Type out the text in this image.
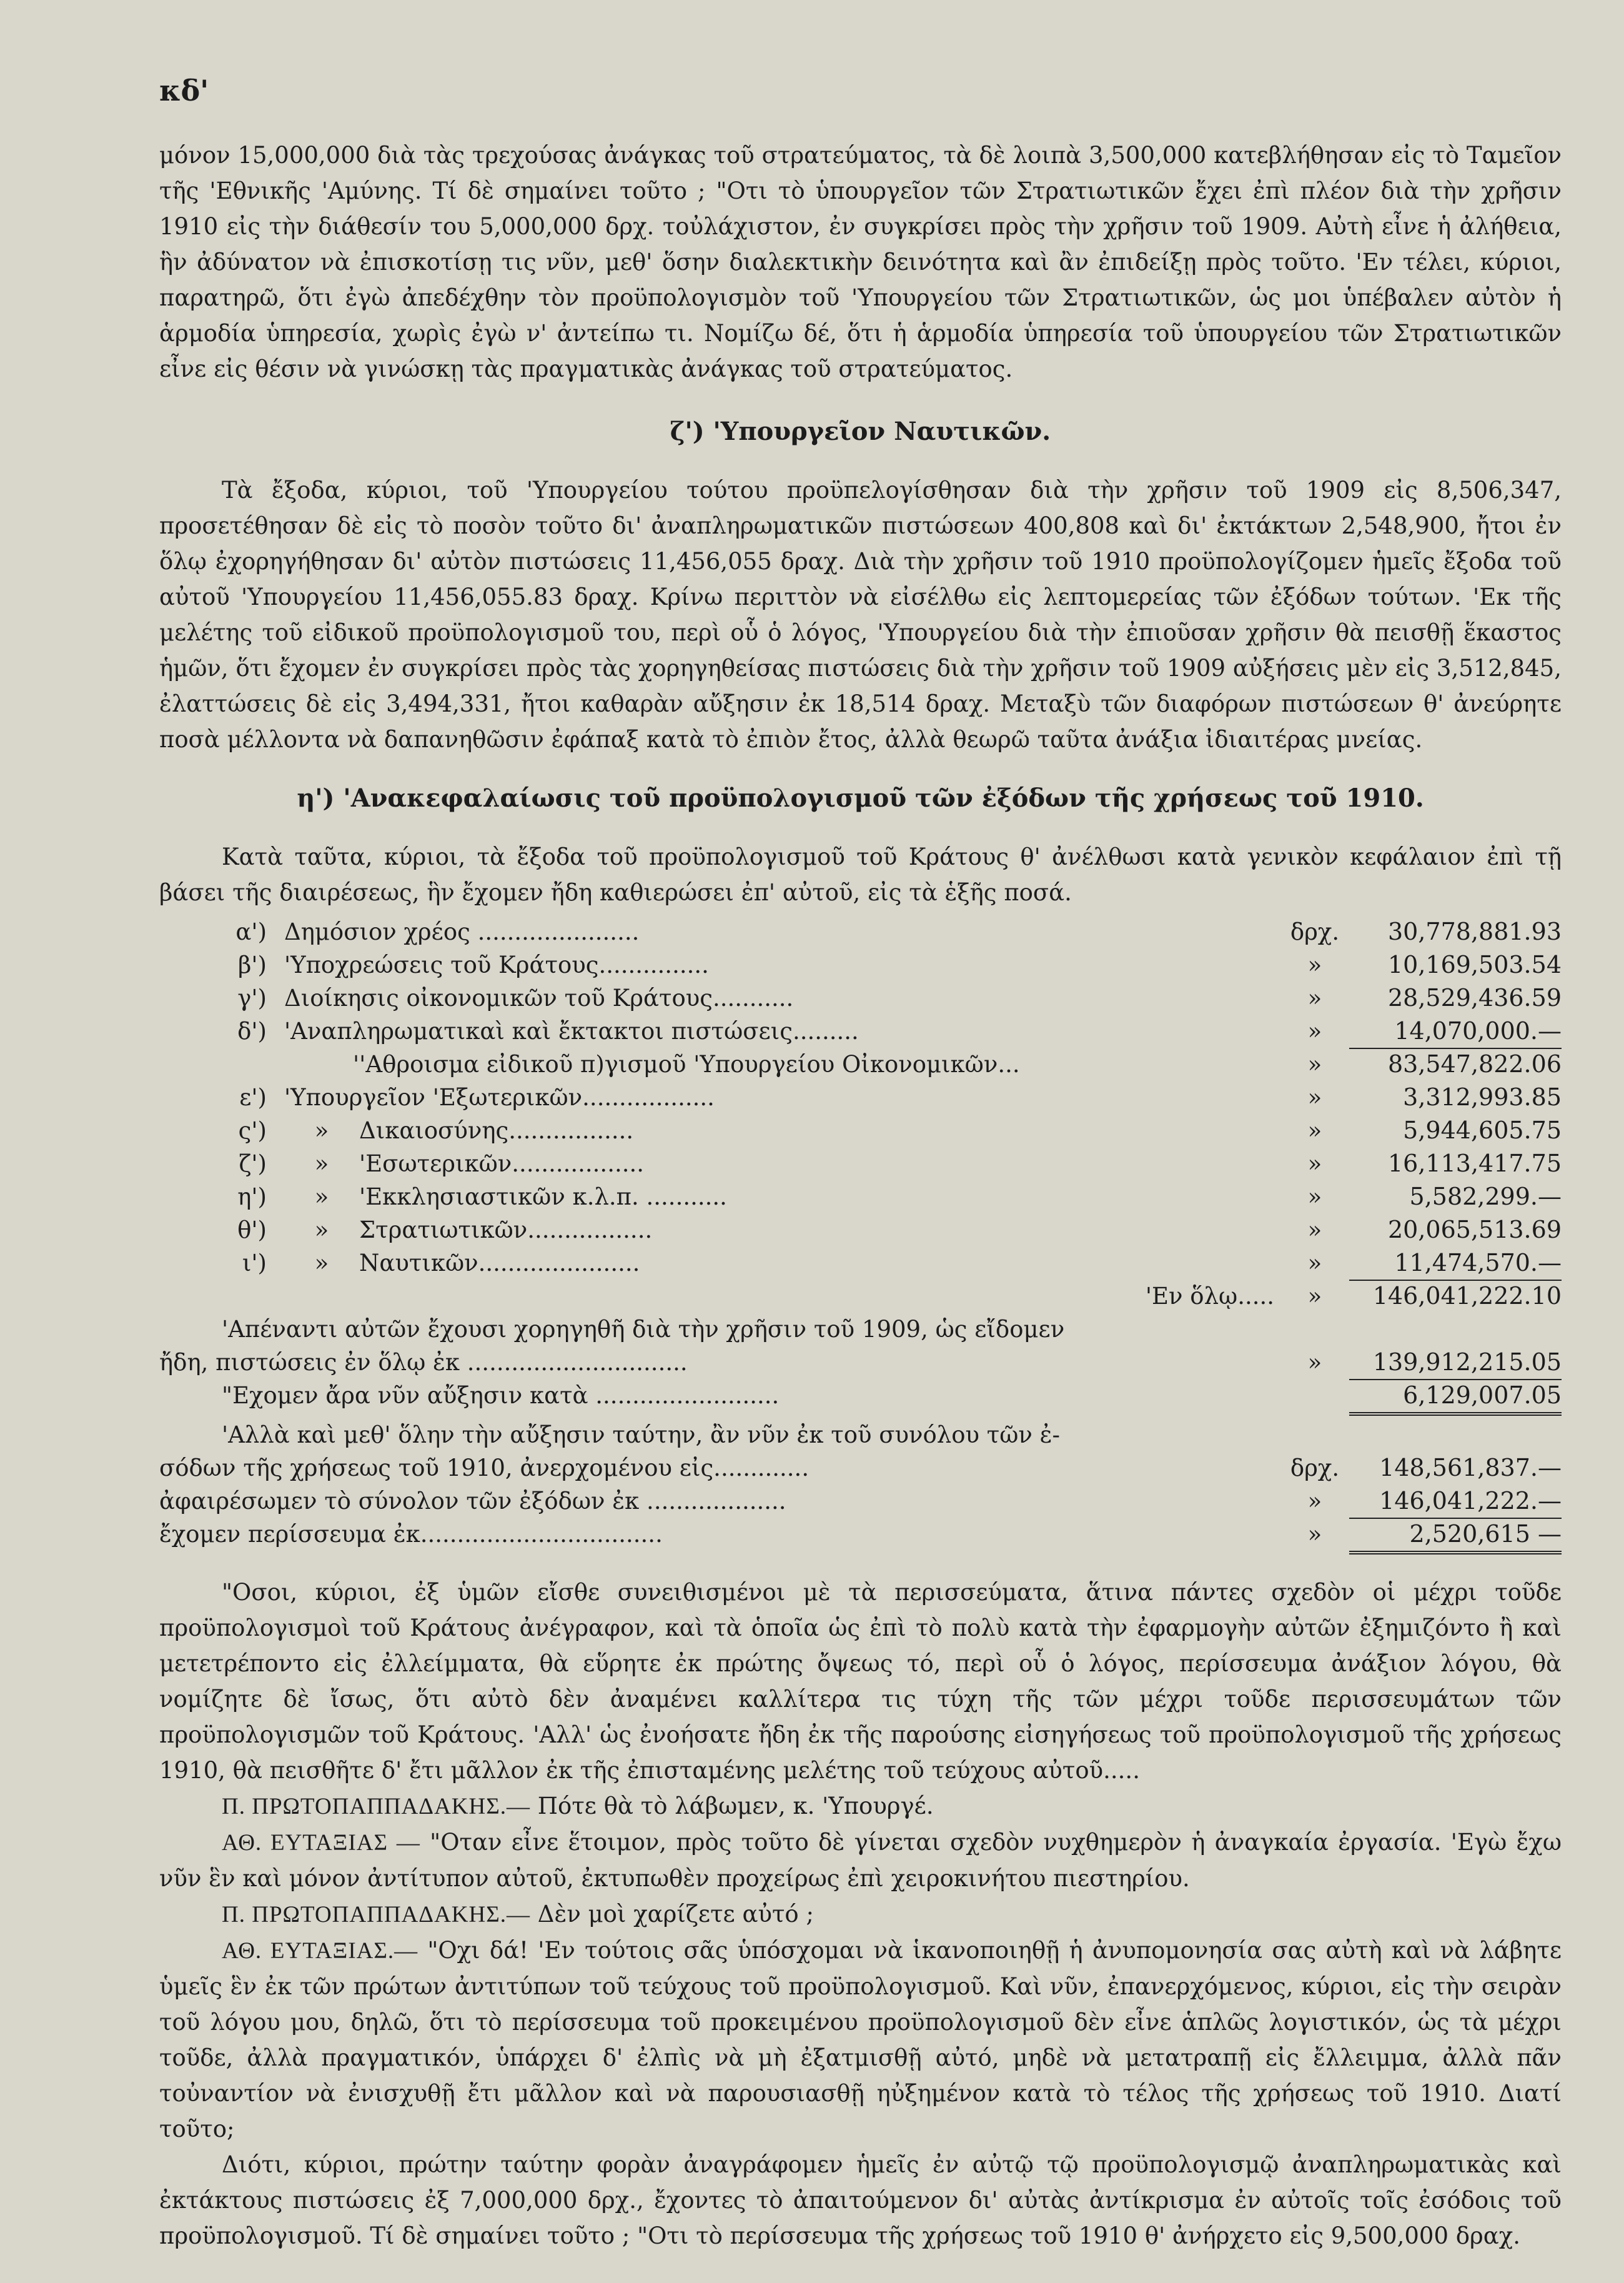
κδ'

μόνον 15,000,000 διὰ τὰς τρεχούσας ἀνάγκας τοῦ στρατεύματος, τὰ δὲ λοιπὰ 3,500,000 κατεβλήθησαν εἰς τὸ Ταμεῖον τῆς 'Εθνικῆς 'Αμύνης. Τί δὲ σημαίνει τοῦτο ; "Οτι τὸ ὑπουργεῖον τῶν Στρατιωτικῶν ἔχει ἐπὶ πλέον διὰ τὴν χρῆσιν 1910 εἰς τὴν διάθεσίν του 5,000,000 δρχ. τοὐλάχιστον, ἐν συγκρίσει πρὸς τὴν χρῆσιν τοῦ 1909. Αὐτὴ εἶνε ἡ ἀλήθεια, ἣν ἀδύνατον νὰ ἐπισκοτίσῃ τις νῦν, μεθ' ὅσην διαλεκτικὴν δεινότητα καὶ ἂν ἐπιδείξῃ πρὸς τοῦτο. 'Εν τέλει, κύριοι, παρατηρῶ, ὅτι ἐγὼ ἀπεδέχθην τὸν προϋπολογισμὸν τοῦ 'Υπουργείου τῶν Στρατιωτικῶν, ὡς μοι ὑπέβαλεν αὐτὸν ἡ ἁρμοδία ὑπηρεσία, χωρὶς ἐγὼ ν' ἀντείπω τι. Νομίζω δέ, ὅτι ἡ ἁρμοδία ὑπηρεσία τοῦ ὑπουργείου τῶν Στρατιωτικῶν εἶνε εἰς θέσιν νὰ γινώσκῃ τὰς πραγματικὰς ἀνάγκας τοῦ στρατεύματος.

ζ') 'Υπουργεῖον Ναυτικῶν.

Τὰ ἔξοδα, κύριοι, τοῦ 'Υπουργείου τούτου προϋπελογίσθησαν διὰ τὴν χρῆσιν τοῦ 1909 εἰς 8,506,347, προσετέθησαν δὲ εἰς τὸ ποσὸν τοῦτο δι' ἀναπληρωματικῶν πιστώσεων 400,808 καὶ δι' ἐκτάκτων 2,548,900, ἤτοι ἐν ὅλῳ ἐχορηγήθησαν δι' αὐτὸν πιστώσεις 11,456,055 δραχ. Διὰ τὴν χρῆσιν τοῦ 1910 προϋπολογίζομεν ἡμεῖς ἔξοδα τοῦ αὐτοῦ 'Υπουργείου 11,456,055.83 δραχ. Κρίνω περιττὸν νὰ εἰσέλθω εἰς λεπτομερείας τῶν ἐξόδων τούτων. 'Εκ τῆς μελέτης τοῦ εἰδικοῦ προϋπολογισμοῦ του, περὶ οὗ ὁ λόγος, 'Υπουργείου διὰ τὴν ἐπιοῦσαν χρῆσιν θὰ πεισθῇ ἕκαστος ἡμῶν, ὅτι ἔχομεν ἐν συγκρίσει πρὸς τὰς χορηγηθείσας πιστώσεις διὰ τὴν χρῆσιν τοῦ 1909 αὐξήσεις μὲν εἰς 3,512,845, ἐλαττώσεις δὲ εἰς 3,494,331, ἤτοι καθαρὰν αὔξησιν ἐκ 18,514 δραχ. Μεταξὺ τῶν διαφόρων πιστώσεων θ' ἀνεύρητε ποσὰ μέλλοντα νὰ δαπανηθῶσιν ἐφάπαξ κατὰ τὸ ἐπιὸν ἔτος, ἀλλὰ θεωρῶ ταῦτα ἀνάξια ἰδιαιτέρας μνείας.

η') 'Ανακεφαλαίωσις τοῦ προϋπολογισμοῦ τῶν ἐξόδων τῆς χρήσεως τοῦ 1910.

Κατὰ ταῦτα, κύριοι, τὰ ἔξοδα τοῦ προϋπολογισμοῦ τοῦ Κράτους θ' ἀνέλθωσι κατὰ γενικὸν κεφάλαιον ἐπὶ τῇ βάσει τῆς διαιρέσεως, ἣν ἔχομεν ἤδη καθιερώσει ἐπ' αὐτοῦ, εἰς τὰ ἑξῆς ποσά.

α') Δημόσιον χρέος ......................	δρχ.	30,778,881.93
β') 'Υποχρεώσεις τοῦ Κράτους...............	»	10,169,503.54
γ') Διοίκησις οἰκονομικῶν τοῦ Κράτους...........	»	28,529,436.59
δ') 'Αναπληρωματικαὶ καὶ ἔκτακτοι πιστώσεις.........	»	14,070,000.—
''Αθροισμα εἰδικοῦ π)γισμοῦ 'Υπουργείου Οἰκονομικῶν...	»	83,547,822.06
ε') 'Υπουργεῖον 'Εξωτερικῶν..................	»	3,312,993.85
ς')	» Δικαιοσύνης.................	»	5,944,605.75
ζ')	» 'Εσωτερικῶν..................	»	16,113,417.75
η')	» 'Εκκλησιαστικῶν κ.λ.π. ...........	»	5,582,299.—
θ')	» Στρατιωτικῶν.................	»	20,065,513.69
ι')	» Ναυτικῶν......................	»	11,474,570.—
'Εν ὅλῳ.....	»	146,041,222.10
'Απέναντι αὐτῶν ἔχουσι χορηγηθῆ διὰ τὴν χρῆσιν τοῦ 1909, ὡς εἴδομεν
ἤδη, πιστώσεις ἐν ὅλῳ ἐκ ..............................	»	139,912,215.05
"Εχομεν ἄρα νῦν αὔξησιν κατὰ .........................	6,129,007.05
'Αλλὰ καὶ μεθ' ὅλην τὴν αὔξησιν ταύτην, ἂν νῦν ἐκ τοῦ συνόλου τῶν ἐ-
σόδων τῆς χρήσεως τοῦ 1910, ἀνερχομένου εἰς.............	δρχ.	148,561,837.—
ἀφαιρέσωμεν τὸ σύνολον τῶν ἐξόδων ἐκ ...................	»	146,041,222.—
ἔχομεν περίσσευμα ἐκ.................................	»	2,520,615 —

"Οσοι, κύριοι, ἐξ ὑμῶν εἴσθε συνειθισμένοι μὲ τὰ περισσεύματα, ἅτινα πάντες σχεδὸν οἱ μέχρι τοῦδε προϋπολογισμοὶ τοῦ Κράτους ἀνέγραφον, καὶ τὰ ὁποῖα ὡς ἐπὶ τὸ πολὺ κατὰ τὴν ἐφαρμογὴν αὐτῶν ἐξημιζόντο ἢ καὶ μετετρέποντο εἰς ἐλλείμματα, θὰ εὕρητε ἐκ πρώτης ὄψεως τό, περὶ οὗ ὁ λόγος, περίσσευμα ἀνάξιον λόγου, θὰ νομίζητε δὲ ἴσως, ὅτι αὐτὸ δὲν ἀναμένει καλλίτερα τις τύχη τῆς τῶν μέχρι τοῦδε περισσευμάτων τῶν προϋπολογισμῶν τοῦ Κράτους. 'Αλλ' ὡς ἐνοήσατε ἤδη ἐκ τῆς παρούσης εἰσηγήσεως τοῦ προϋπολογισμοῦ τῆς χρήσεως 1910, θὰ πεισθῆτε δ' ἔτι μᾶλλον ἐκ τῆς ἐπισταμένης μελέτης τοῦ τεύχους αὐτοῦ.....

Π. ΠΡΩΤΟΠΑΠΠΑΔΑΚΗΣ.— Πότε θὰ τὸ λάβωμεν, κ. 'Υπουργέ.

ΑΘ. ΕΥΤΑΞΙΑΣ — "Οταν εἶνε ἕτοιμον, πρὸς τοῦτο δὲ γίνεται σχεδὸν νυχθημερὸν ἡ ἀναγκαία ἐργασία. 'Εγὼ ἔχω νῦν ἓν καὶ μόνον ἀντίτυπον αὐτοῦ, ἐκτυπωθὲν προχείρως ἐπὶ χειροκινήτου πιεστηρίου.

Π. ΠΡΩΤΟΠΑΠΠΑΔΑΚΗΣ.— Δὲν μοὶ χαρίζετε αὐτό ;

ΑΘ. ΕΥΤΑΞΙΑΣ.— "Οχι δά! 'Εν τούτοις σᾶς ὑπόσχομαι νὰ ἱκανοποιηθῇ ἡ ἀνυπομονησία σας αὐτὴ καὶ νὰ λάβητε ὑμεῖς ἓν ἐκ τῶν πρώτων ἀντιτύπων τοῦ τεύχους τοῦ προϋπολογισμοῦ. Καὶ νῦν, ἐπανερχόμενος, κύριοι, εἰς τὴν σειρὰν τοῦ λόγου μου, δηλῶ, ὅτι τὸ περίσσευμα τοῦ προκειμένου προϋπολογισμοῦ δὲν εἶνε ἁπλῶς λογιστικόν, ὡς τὰ μέχρι τοῦδε, ἀλλὰ πραγματικόν, ὑπάρχει δ' ἐλπὶς νὰ μὴ ἐξατμισθῇ αὐτό, μηδὲ νὰ μετατραπῇ εἰς ἔλλειμμα, ἀλλὰ πᾶν τοὐναντίον νὰ ἐνισχυθῇ ἔτι μᾶλλον καὶ νὰ παρουσιασθῇ ηὐξημένον κατὰ τὸ τέλος τῆς χρήσεως τοῦ 1910. Διατί τοῦτο;

Διότι, κύριοι, πρώτην ταύτην φορὰν ἀναγράφομεν ἡμεῖς ἐν αὐτῷ τῷ προϋπολογισμῷ ἀναπληρωματικὰς καὶ ἐκτάκτους πιστώσεις ἐξ 7,000,000 δρχ., ἔχοντες τὸ ἀπαιτούμενον δι' αὐτὰς ἀντίκρισμα ἐν αὐτοῖς τοῖς ἐσόδοις τοῦ προϋπολογισμοῦ. Τί δὲ σημαίνει τοῦτο ; "Οτι τὸ περίσσευμα τῆς χρήσεως τοῦ 1910 θ' ἀνήρχετο εἰς 9,500,000 δραχ.
